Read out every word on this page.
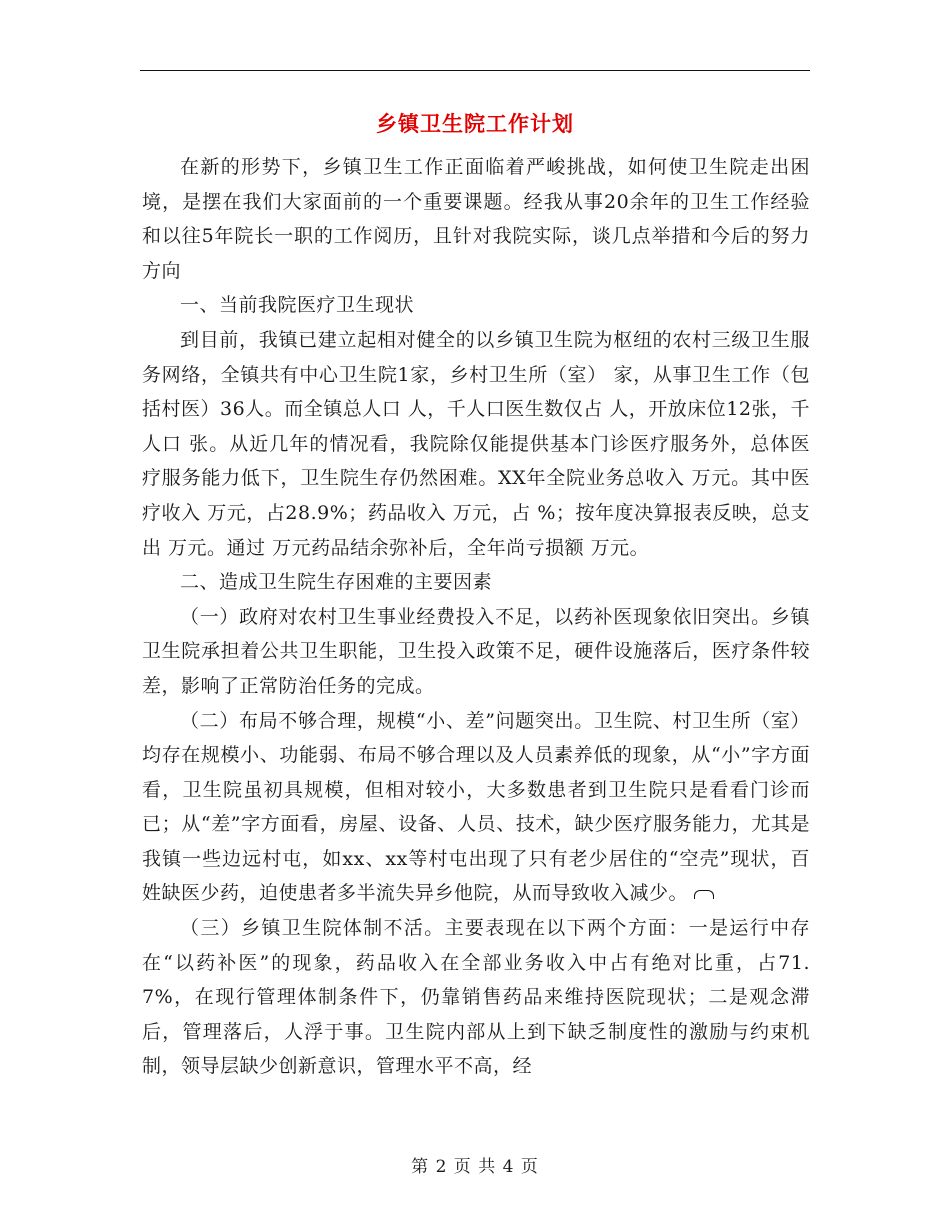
乡镇卫生院工作计划

在新的形势下，乡镇卫生工作正面临着严峻挑战，如何使卫生院走出困境，是摆在我们大家面前的一个重要课题。经我从事20余年的卫生工作经验和以往5年院长一职的工作阅历，且针对我院实际，谈几点举措和今后的努力方向

一、当前我院医疗卫生现状

到目前，我镇已建立起相对健全的以乡镇卫生院为枢纽的农村三级卫生服务网络，全镇共有中心卫生院1家，乡村卫生所（室） 家，从事卫生工作（包括村医）36人。而全镇总人口 人，千人口医生数仅占 人，开放床位12张，千人口 张。从近几年的情况看，我院除仅能提供基本门诊医疗服务外，总体医疗服务能力低下，卫生院生存仍然困难。XX年全院业务总收入 万元。其中医疗收入 万元，占28.9%；药品收入 万元，占 %；按年度决算报表反映，总支出 万元。通过 万元药品结余弥补后，全年尚亏损额 万元。

二、造成卫生院生存困难的主要因素

（一）政府对农村卫生事业经费投入不足，以药补医现象依旧突出。乡镇卫生院承担着公共卫生职能，卫生投入政策不足，硬件设施落后，医疗条件较差，影响了正常防治任务的完成。

（二）布局不够合理，规模“小、差”问题突出。卫生院、村卫生所（室）均存在规模小、功能弱、布局不够合理以及人员素养低的现象，从“小”字方面看，卫生院虽初具规模，但相对较小，大多数患者到卫生院只是看看门诊而已；从“差”字方面看，房屋、设备、人员、技术，缺少医疗服务能力，尤其是我镇一些边远村屯，如xx、xx等村屯出现了只有老少居住的“空壳”现状，百姓缺医少药，迫使患者多半流失异乡他院，从而导致收入减少。

（三）乡镇卫生院体制不活。主要表现在以下两个方面：一是运行中存在“以药补医”的现象，药品收入在全部业务收入中占有绝对比重，占71.7%，在现行管理体制条件下，仍靠销售药品来维持医院现状；二是观念滞后，管理落后，人浮于事。卫生院内部从上到下缺乏制度性的激励与约束机制，领导层缺少创新意识，管理水平不高，经

第 2 页 共 4 页
